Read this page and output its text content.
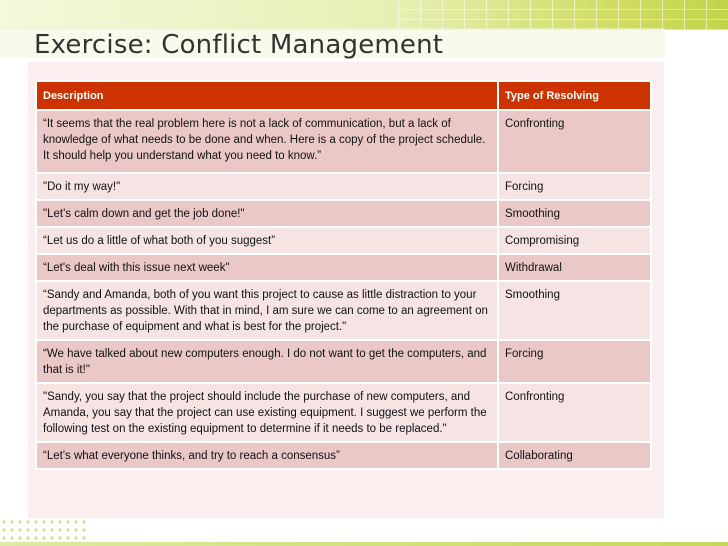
Exercise: Conflict Management
Description	Type of Resolving
“It seems that the real problem here is not a lack of communication, but a lack of knowledge of what needs to be done and when. Here is a copy of the project schedule. It should help you understand what you need to know.”	Confronting
"Do it my way!"	Forcing
"Let's calm down and get the job done!"	Smoothing
“Let us do a little of what both of you suggest”	Compromising
“Let's deal with this issue next week"	Withdrawal
“Sandy and Amanda, both of you want this project to cause as little distraction to your departments as possible. With that in mind, I am sure we can come to an agreement on the purchase of equipment and what is best for the project."	Smoothing
“We have talked about new computers enough. I do not want to get the computers, and that is it!"	Forcing
"Sandy, you say that the project should include the purchase of new computers, and Amanda, you say that the project can use existing equipment. I suggest we perform the following test on the existing equipment to determine if it needs to be replaced."	Confronting
“Let's what everyone thinks, and try to reach a consensus”	Collaborating
